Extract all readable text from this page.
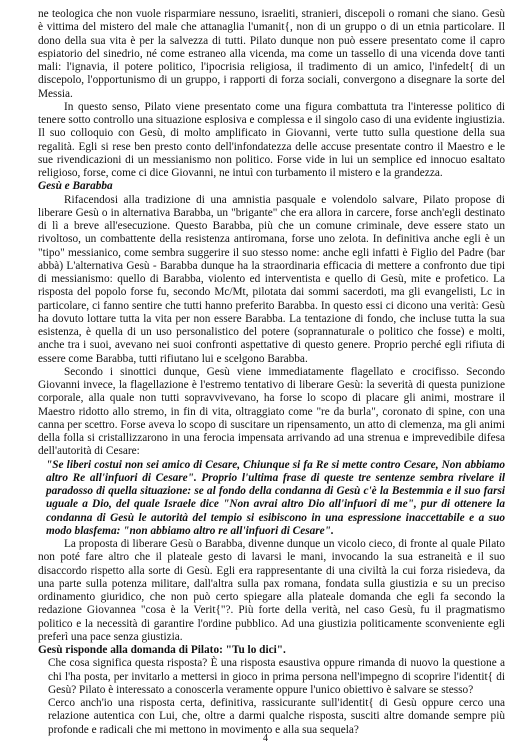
ne teologica che non vuole risparmiare nessuno, israeliti, stranieri, discepoli o romani che siano. Gesù è vittima del mistero del male che attanaglia l'umanit{, non di un gruppo o di un etnia particolare. Il dono della sua vita è per la salvezza di tutti. Pilato dunque non può essere presentato come il capro espiatorio del sinedrio, né come estraneo alla vicenda, ma come un tassello di una vicenda dove tanti mali: l'ignavia, il potere politico, l'ipocrisia religiosa, il tradimento di un amico, l'infedelt{ di un discepolo, l'opportunismo di un gruppo, i rapporti di forza sociali, convergono a disegnare la sorte del Messia.

In questo senso, Pilato viene presentato come una figura combattuta tra l'interesse politico di tenere sotto controllo una situazione esplosiva e complessa e il singolo caso di una evidente ingiustizia. Il suo colloquio con Gesù, di molto amplificato in Giovanni, verte tutto sulla questione della sua regalità. Egli si rese ben presto conto dell'infondatezza delle accuse presentate contro il Maestro e le sue rivendicazioni di un messianismo non politico. Forse vide in lui un semplice ed innocuo esaltato religioso, forse, come ci dice Giovanni, ne intuì con turbamento il mistero e la grandezza.

Gesù e Barabba

Rifacendosi alla tradizione di una amnistia pasquale e volendolo salvare, Pilato propose di liberare Gesù o in alternativa Barabba, un "brigante" che era allora in carcere, forse anch'egli destinato di lì a breve all'esecuzione. Questo Barabba, più che un comune criminale, deve essere stato un rivoltoso, un combattente della resistenza antiromana, forse uno zelota. In definitiva anche egli è un "tipo" messianico, come sembra suggerire il suo stesso nome: anche egli infatti è Figlio del Padre (bar abbà) L'alternativa Gesù - Barabba dunque ha la straordinaria efficacia di mettere a confronto due tipi di messianismo: quello di Barabba, violento ed interventista e quello di Gesù, mite e profetico. La risposta del popolo forse fu, secondo Mc/Mt, pilotata dai sommi sacerdoti, ma gli evangelisti, Lc in particolare, ci fanno sentire che tutti hanno preferito Barabba. In questo essi ci dicono una verità: Gesù ha dovuto lottare tutta la vita per non essere Barabba. La tentazione di fondo, che incluse tutta la sua esistenza, è quella di un uso personalistico del potere (soprannaturale o politico che fosse) e molti, anche tra i suoi, avevano nei suoi confronti aspettative di questo genere. Proprio perché egli rifiuta di essere come Barabba, tutti rifiutano lui e scelgono Barabba.

Secondo i sinottici dunque, Gesù viene immediatamente flagellato e crocifisso. Secondo Giovanni invece, la flagellazione è l'estremo tentativo di liberare Gesù: la severità di questa punizione corporale, alla quale non tutti sopravvivevano, ha forse lo scopo di placare gli animi, mostrare il Maestro ridotto allo stremo, in fin di vita, oltraggiato come "re da burla", coronato di spine, con una canna per scettro. Forse aveva lo scopo di suscitare un ripensamento, un atto di clemenza, ma gli animi della folla si cristallizzarono in una ferocia impensata arrivando ad una strenua e imprevedibile difesa dell'autorità di Cesare:

"Se liberi costui non sei amico di Cesare, Chiunque si fa Re si mette contro Cesare, Non abbiamo altro Re all'infuori di Cesare". Proprio l'ultima frase di queste tre sentenze sembra rivelare il paradosso di quella situazione: se al fondo della condanna di Gesù c'è la Bestemmia e il suo farsi uguale a Dio, del quale Israele dice "Non avrai altro Dio all'infuori di me", pur di ottenere la condanna di Gesù le autorità del tempio si esibiscono in una espressione inaccettabile e a suo modo blasfema: "non abbiamo altro re all'infuori di Cesare".

La proposta di liberare Gesù o Barabba, divenne dunque un vicolo cieco, di fronte al quale Pilato non poté fare altro che il plateale gesto di lavarsi le mani, invocando la sua estraneità e il suo disaccordo rispetto alla sorte di Gesù. Egli era rappresentante di una civiltà la cui forza risiedeva, da una parte sulla potenza militare, dall'altra sulla pax romana, fondata sulla giustizia e su un preciso ordinamento giuridico, che non può certo spiegare alla plateale domanda che egli fa secondo la redazione Giovannea "cosa è la Verit{"?. Più forte della verità, nel caso Gesù, fu il pragmatismo politico e la necessità di garantire l'ordine pubblico. Ad una giustizia politicamente sconveniente egli preferì una pace senza giustizia.

Gesù risponde alla domanda di Pilato: "Tu lo dici".

Che cosa significa questa risposta? È una risposta esaustiva oppure rimanda di nuovo la questione a chi l'ha posta, per invitarlo a mettersi in gioco in prima persona nell'impegno di scoprire l'identit{ di Gesù? Pilato è interessato a conoscerla veramente oppure l'unico obiettivo è salvare se stesso?

Cerco anch'io una risposta certa, definitiva, rassicurante sull'identit{ di Gesù oppure cerco una relazione autentica con Lui, che, oltre a darmi qualche risposta, susciti altre domande sempre più profonde e radicali che mi mettono in movimento e alla sua sequela?

4
